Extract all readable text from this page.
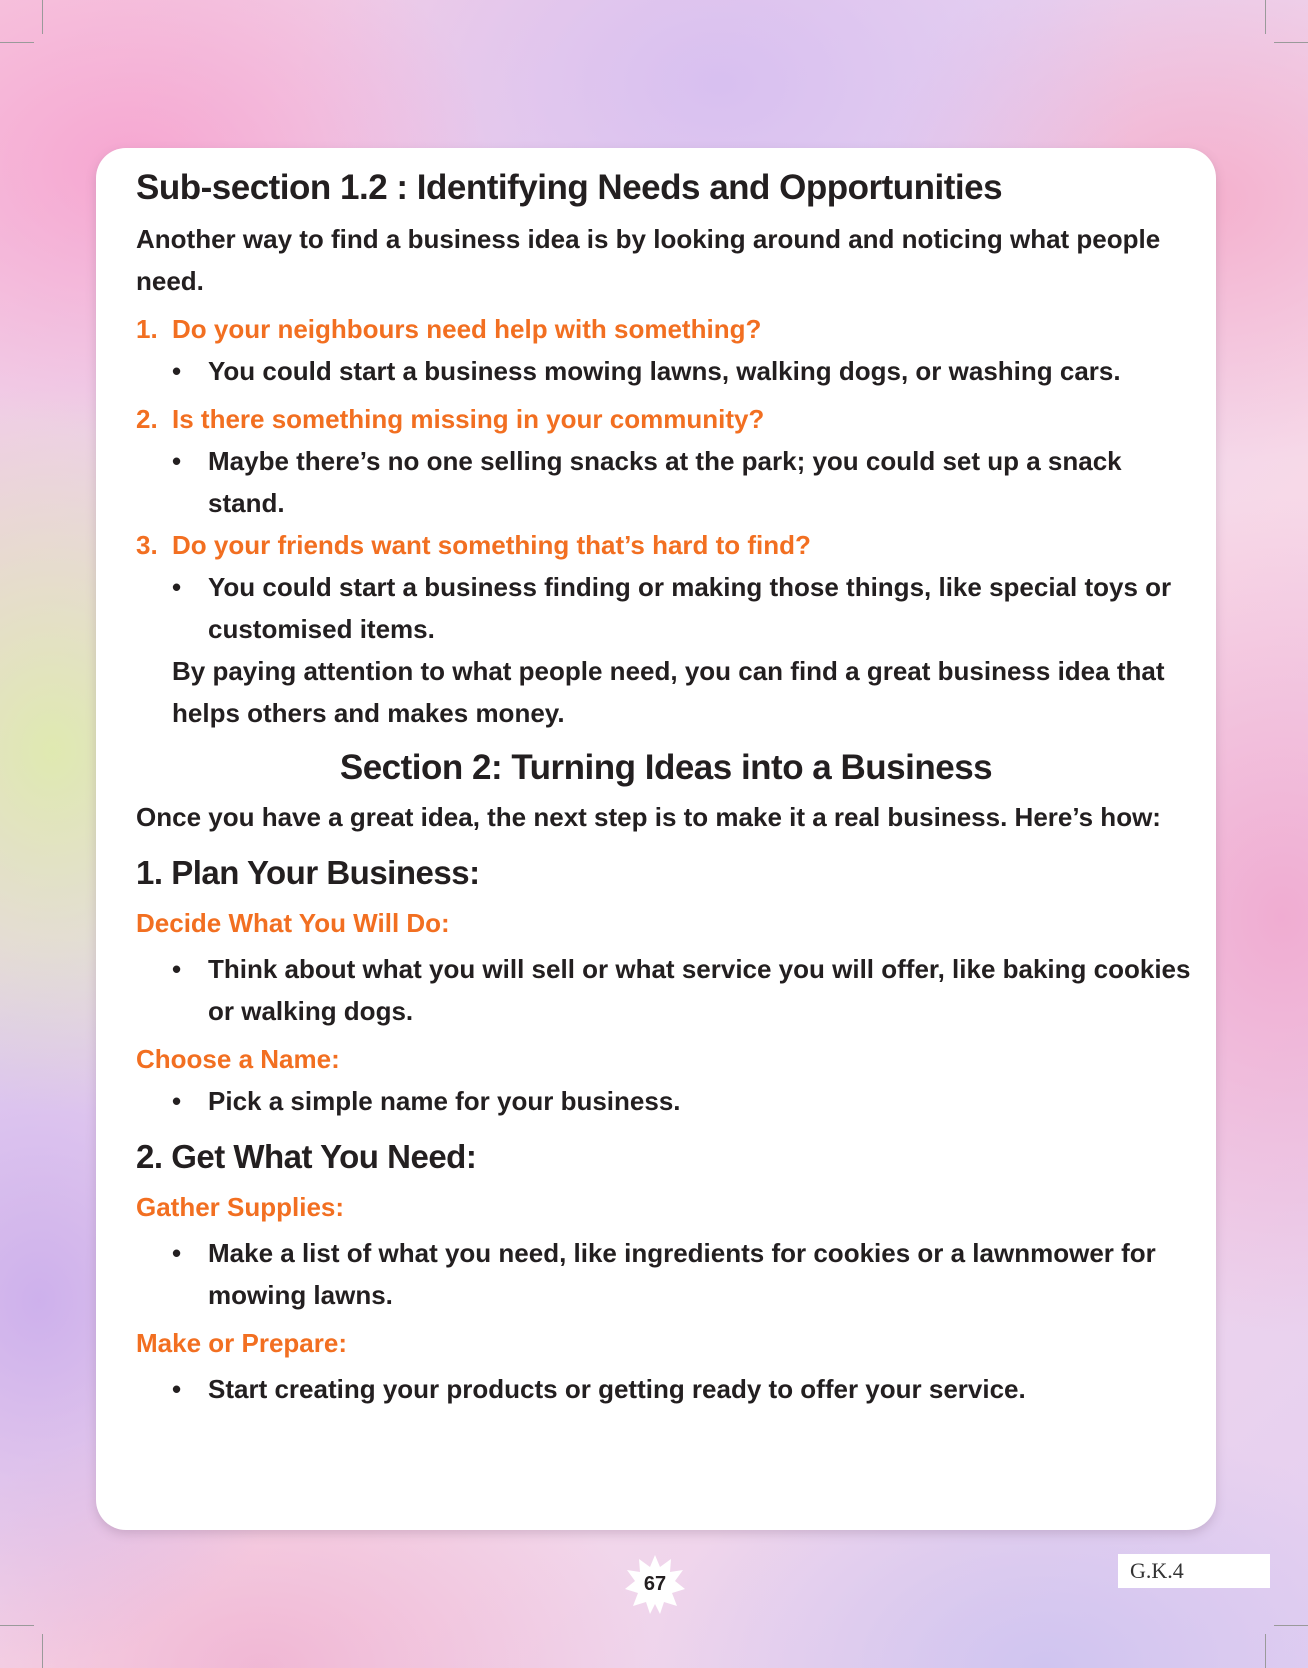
Sub-section 1.2 : Identifying Needs and Opportunities

Another way to find a business idea is by looking around and noticing what people need.

1. Do your neighbours need help with something?

•	You could start a business mowing lawns, walking dogs, or washing cars.

2. Is there something missing in your community?

•	Maybe there’s no one selling snacks at the park; you could set up a snack stand.

3. Do your friends want something that’s hard to find?

•	You could start a business finding or making those things, like special toys or customised items.

By paying attention to what people need, you can find a great business idea that helps others and makes money.

Section 2: Turning Ideas into a Business

Once you have a great idea, the next step is to make it a real business. Here’s how:

1. Plan Your Business:

Decide What You Will Do:

•	Think about what you will sell or what service you will offer, like baking cookies or walking dogs.

Choose a Name:

•	Pick a simple name for your business.

2. Get What You Need:

Gather Supplies:

•	Make a list of what you need, like ingredients for cookies or a lawnmower for mowing lawns.

Make or Prepare:

•	Start creating your products or getting ready to offer your service.

67
G.K.4
